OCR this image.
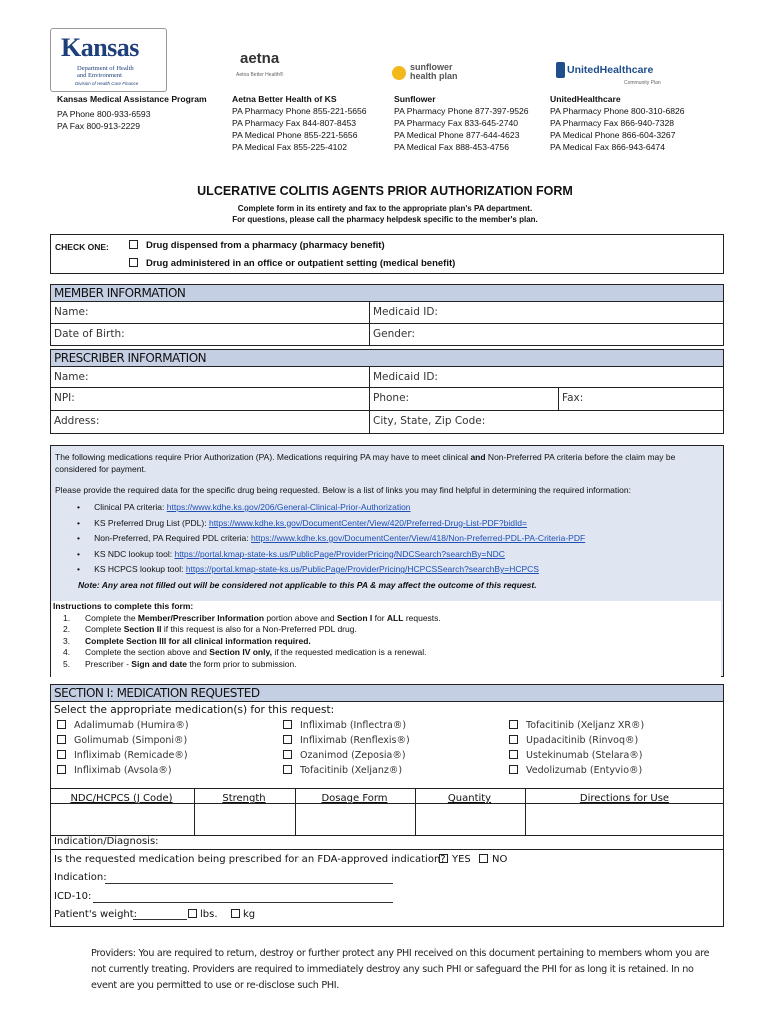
Kansas
Department of Health
and Environment
Division of Health Care Finance
aetna
Aetna Better Health®
sunflower
health plan	UnitedHealthcare
Community Plan
Kansas Medical Assistance Program
PA Phone 800-933-6593
PA Fax 800-913-2229
Aetna Better Health of KS
PA Pharmacy Phone 855-221-5656
PA Pharmacy Fax 844-807-8453
PA Medical Phone 855-221-5656
PA Medical Fax 855-225-4102
Sunflower
PA Pharmacy Phone 877-397-9526
PA Pharmacy Fax 833-645-2740
PA Medical Phone 877-644-4623
PA Medical Fax 888-453-4756
UnitedHealthcare
PA Pharmacy Phone 800-310-6826
PA Pharmacy Fax 866-940-7328
PA Medical Phone 866-604-3267
PA Medical Fax 866-943-6474
ULCERATIVE COLITIS AGENTS PRIOR AUTHORIZATION FORM
Complete form in its entirety and fax to the appropriate plan's PA department.
For questions, please call the pharmacy helpdesk specific to the member's plan.
CHECK ONE:	Drug dispensed from a pharmacy (pharmacy benefit)
Drug administered in an office or outpatient setting (medical benefit)
MEMBER INFORMATION
Name:	Medicaid ID:
Date of Birth:	Gender:
PRESCRIBER INFORMATION
Name:	Medicaid ID:
NPI:	Phone:	Fax:
Address:	City, State, Zip Code:
The following medications require Prior Authorization (PA). Medications requiring PA may have to meet clinical and Non-Preferred PA criteria before the claim may be considered for payment.
Please provide the required data for the specific drug being requested. Below is a list of links you may find helpful in determining the required information:
•      Clinical PA criteria: https://www.kdhe.ks.gov/206/General-Clinical-Prior-Authorization
•      KS Preferred Drug List (PDL): https://www.kdhe.ks.gov/DocumentCenter/View/420/Preferred-Drug-List-PDF?bidId=
•      Non-Preferred, PA Required PDL criteria: https://www.kdhe.ks.gov/DocumentCenter/View/418/Non-Preferred-PDL-PA-Criteria-PDF
•      KS NDC lookup tool: https://portal.kmap-state-ks.us/PublicPage/ProviderPricing/NDCSearch?searchBy=NDC
•      KS HCPCS lookup tool: https://portal.kmap-state-ks.us/PublicPage/ProviderPricing/HCPCSSearch?searchBy=HCPCS
Note: Any area not filled out will be considered not applicable to this PA & may affect the outcome of this request.
Instructions to complete this form:
1. Complete the Member/Prescriber Information portion above and Section I for ALL requests.
2. Complete Section II if this request is also for a Non-Preferred PDL drug.
3. Complete Section III for all clinical information required.
4. Complete the section above and Section IV only, if the requested medication is a renewal.
5. Prescriber - Sign and date the form prior to submission.
SECTION I: MEDICATION REQUESTED
Select the appropriate medication(s) for this request:
Adalimumab (Humira®)
Golimumab (Simponi®)
Infliximab (Remicade®)
Infliximab (Avsola®)
Infliximab (Inflectra®)
Infliximab (Renflexis®)
Ozanimod (Zeposia®)
Tofacitinib (Xeljanz®)
Tofacitinib (Xeljanz XR®)
Upadacitinib (Rinvoq®)
Ustekinumab (Stelara®)
Vedolizumab (Entyvio®)
Indication/Diagnosis:
Is the requested medication being prescribed for an FDA-approved indication? YES	NO
Indication:
ICD-10:
Patient's weight:	lbs.	kg
NDC/HCPCS (J Code)	Strength	Dosage Form	Quantity	Directions for Use
Providers: You are required to return, destroy or further protect any PHI received on this document pertaining to members whom you are not currently treating. Providers are required to immediately destroy any such PHI or safeguard the PHI for as long it is retained. In no event are you permitted to use or re-disclose such PHI.
